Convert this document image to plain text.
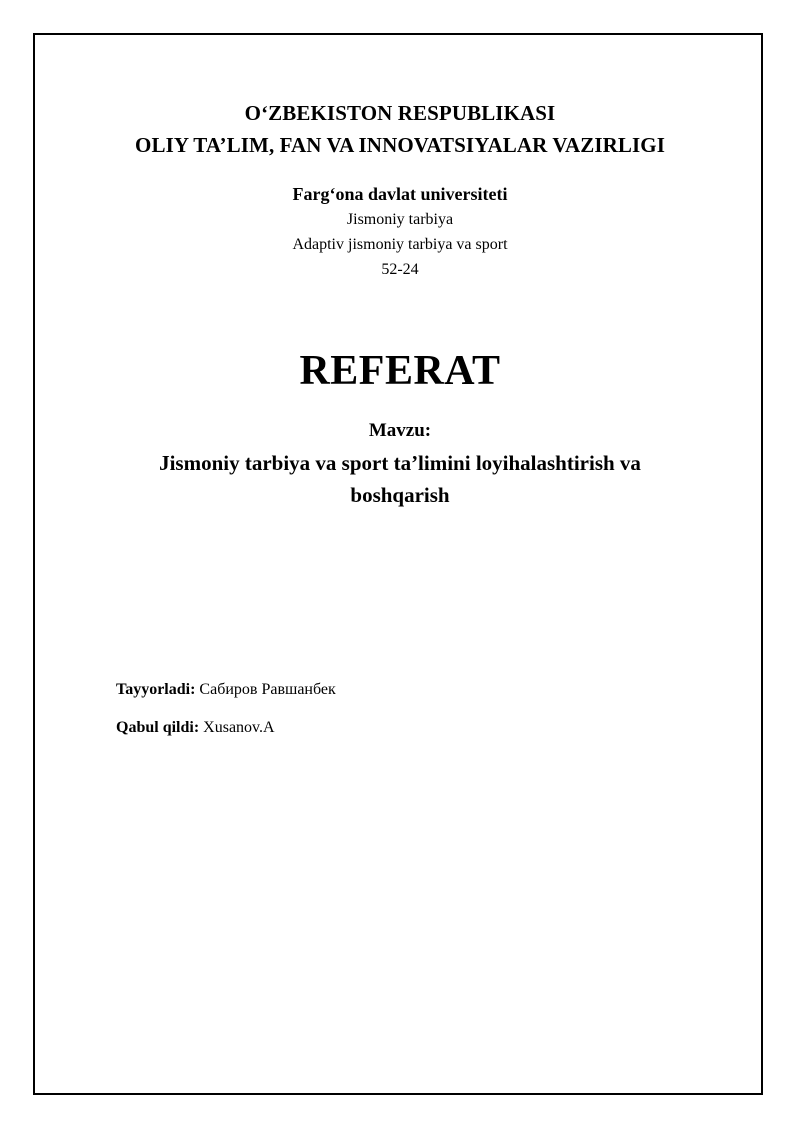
O‘ZBEKISTON RESPUBLIKASI
OLIY TA’LIM, FAN VA INNOVATSIYALAR VAZIRLIGI
Farg‘ona davlat universiteti
Jismoniy tarbiya
Adaptiv jismoniy tarbiya va sport
52-24
REFERAT
Mavzu:
Jismoniy tarbiya va sport ta’limini loyihalashtirish va boshqarish
Tayyorladi: Сабиров Равшанбек
Qabul qildi: Xusanov.A
